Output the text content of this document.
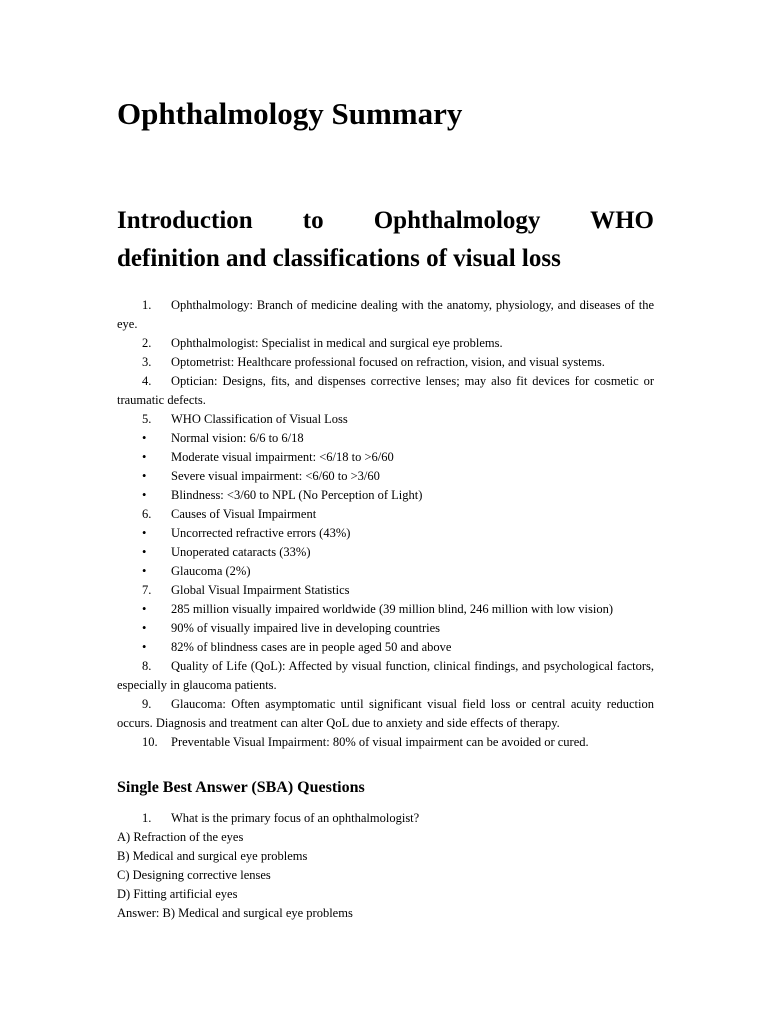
Ophthalmology Summary
Introduction to Ophthalmology WHO
definition and classifications of visual loss
1. Ophthalmology: Branch of medicine dealing with the anatomy, physiology, and diseases of the eye.
2. Ophthalmologist: Specialist in medical and surgical eye problems.
3. Optometrist: Healthcare professional focused on refraction, vision, and visual systems.
4. Optician: Designs, fits, and dispenses corrective lenses; may also fit devices for cosmetic or traumatic defects.
5. WHO Classification of Visual Loss
• Normal vision: 6/6 to 6/18
• Moderate visual impairment: <6/18 to >6/60
• Severe visual impairment: <6/60 to >3/60
• Blindness: <3/60 to NPL (No Perception of Light)
6. Causes of Visual Impairment
• Uncorrected refractive errors (43%)
• Unoperated cataracts (33%)
• Glaucoma (2%)
7. Global Visual Impairment Statistics
• 285 million visually impaired worldwide (39 million blind, 246 million with low vision)
• 90% of visually impaired live in developing countries
• 82% of blindness cases are in people aged 50 and above
8. Quality of Life (QoL): Affected by visual function, clinical findings, and psychological factors, especially in glaucoma patients.
9. Glaucoma: Often asymptomatic until significant visual field loss or central acuity reduction occurs. Diagnosis and treatment can alter QoL due to anxiety and side effects of therapy.
10. Preventable Visual Impairment: 80% of visual impairment can be avoided or cured.
Single Best Answer (SBA) Questions
1. What is the primary focus of an ophthalmologist?
A) Refraction of the eyes
B) Medical and surgical eye problems
C) Designing corrective lenses
D) Fitting artificial eyes
Answer: B) Medical and surgical eye problems
